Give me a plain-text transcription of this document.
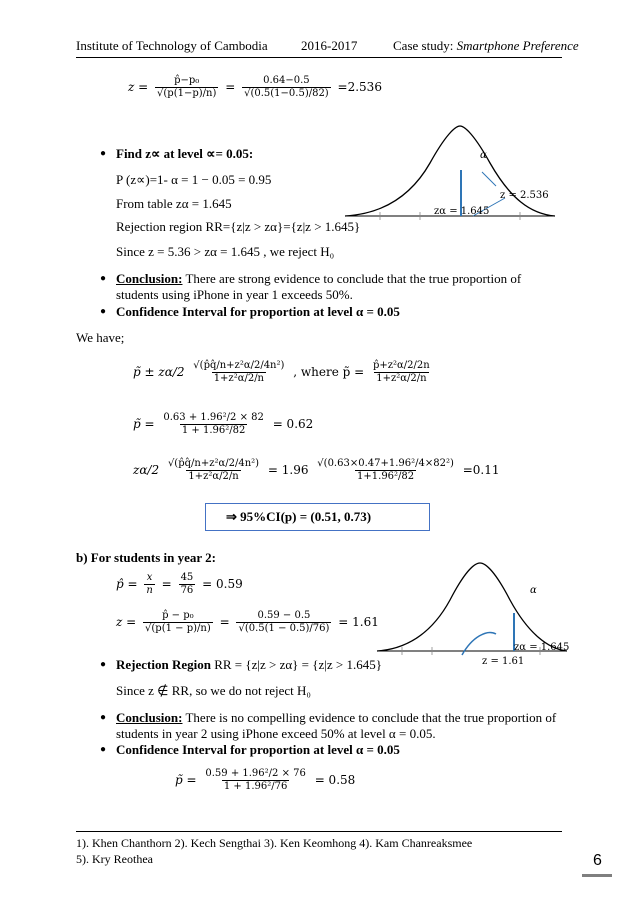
Institute of Technology of Cambodia	2016-2017	Case study: Smartphone Preference
$z = \frac{\text{p̂−p₀}}{√(p(1-p)/n)} = \frac{0.64-0.5}{√(0.5(1-0.5)/82)} =2.536$
α
z = 2.536
zα = 1.645
● Find z∝ at level ∝= 0.05:
P (z∝)=1- α = 1 − 0.05 = 0.95
From table zα = 1.645
Rejection region RR={z|z > zα}={z|z > 1.645}
Since z = 5.36 > zα = 1.645 , we reject H₀
● Conclusion: There are strong evidence to conclude that the true proportion of
students using iPhone in year 1 exceeds 50%.
● Confidence Interval for proportion at level α = 0.05
We have;
p̃ ± $z\alpha/2 \frac{\text{√(p̂q̂/n+z²α/2/4n²)}}{\text{1+z²α/2/n}}$ , where p̃ = $\frac{\text{p̂+z²α/2/2n}}{\text{1+z²α/2/n}}$
p̃ = $\frac{\text{0.63 + 1.96²/2 × 82}}{\text{1 + 1.96²/82}} = 0.62$
$z\alpha/2 \frac{\text{√(p̂q̂/n+z²α/2/4n²)}}{\text{1+z²α/2/n}} = 1.96 \frac{\text{√(0.63×0.47+1.96²/4×82²)}}{\text{1+1.96²/82}} =0.11$
⇒ 95%CI(p) = (0.51, 0.73)
b) For students in year 2:
p̂ = $\frac{x}{n} = \frac{45}{76} = 0.59$
$z = \frac{\text{p̂ − p₀}}{√(p(1 - p)/n)} = \frac{0.59 - 0.5}{√(0.5(1 - 0.5)/76)} = 1.61$
α
zα = 1.645
z = 1.61
● Rejection Region RR = {z|z > zα} = {z|z > 1.645}
Since z ∉ RR, so we do not reject H₀
● Conclusion: There is no compelling evidence to conclude that the true proportion of
students in year 2 using iPhone exceed 50% at level α = 0.05.
● Confidence Interval for proportion at level α = 0.05
p̃ = $\frac{\text{0.59 + 1.96²/2 × 76}}{\text{1 + 1.96²/76}} = 0.58$
1). Khen Chanthorn 2). Kech Sengthai 3). Ken Keomhong 4). Kam Chanreaksmee
5). Kry Reothea	6
